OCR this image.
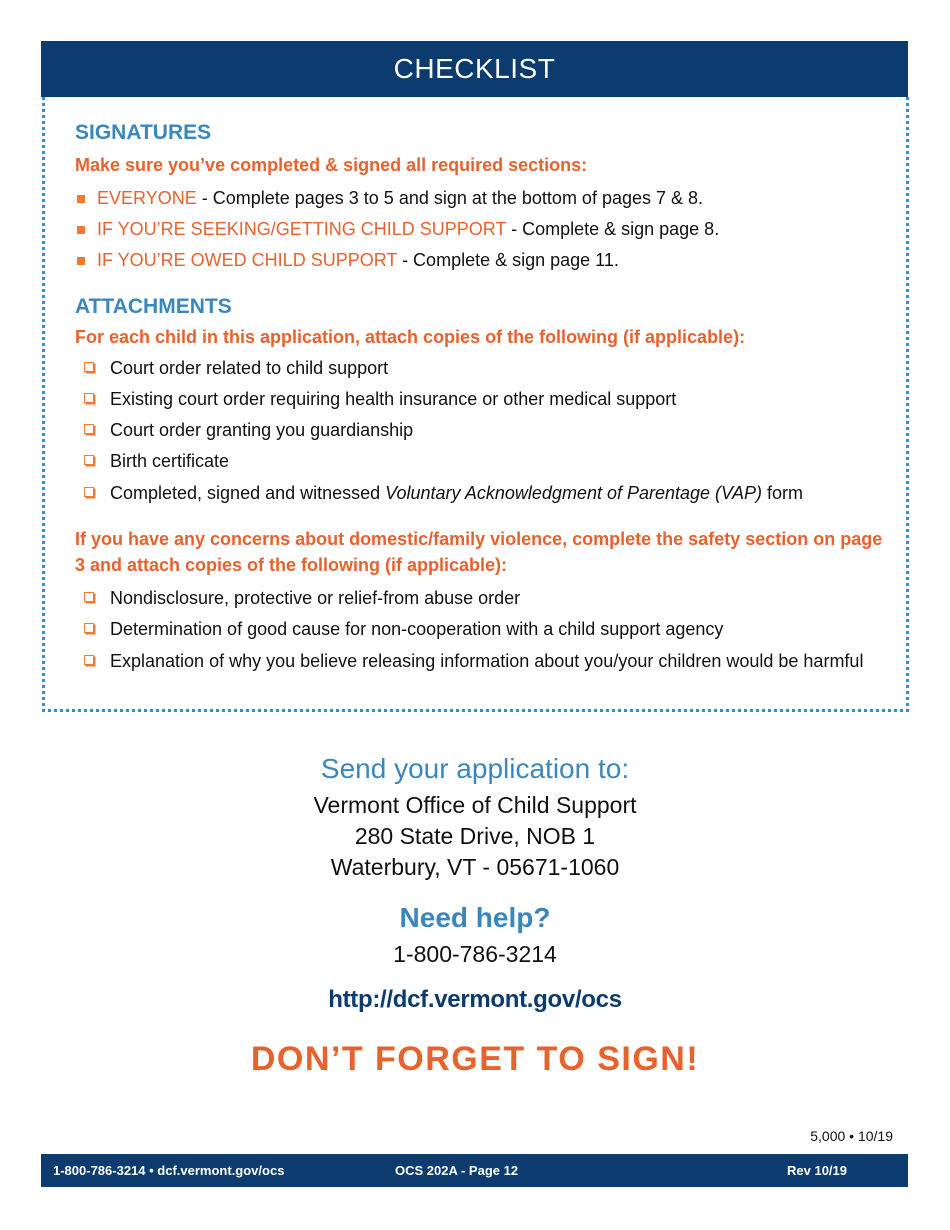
CHECKLIST
SIGNATURES
Make sure you’ve completed & signed all required sections:
EVERYONE - Complete pages 3 to 5 and sign at the bottom of pages 7 & 8.
IF YOU’RE SEEKING/GETTING CHILD SUPPORT - Complete & sign page 8.
IF YOU’RE OWED CHILD SUPPORT - Complete & sign page 11.
ATTACHMENTS
For each child in this application, attach copies of the following (if applicable):
Court order related to child support
Existing court order requiring health insurance or other medical support
Court order granting you guardianship
Birth certificate
Completed, signed and witnessed Voluntary Acknowledgment of Parentage (VAP) form
If you have any concerns about domestic/family violence, complete the safety section on page 3 and attach copies of the following (if applicable):
Nondisclosure, protective or relief-from abuse order
Determination of good cause for non-cooperation with a child support agency
Explanation of why you believe releasing information about you/your children would be harmful
Send your application to:
Vermont Office of Child Support
280 State Drive, NOB 1
Waterbury, VT - 05671-1060
Need help?
1-800-786-3214
http://dcf.vermont.gov/ocs
DON’T FORGET TO SIGN!
5,000 • 10/19
1-800-786-3214 • dcf.vermont.gov/ocs	OCS 202A - Page 12	Rev 10/19
